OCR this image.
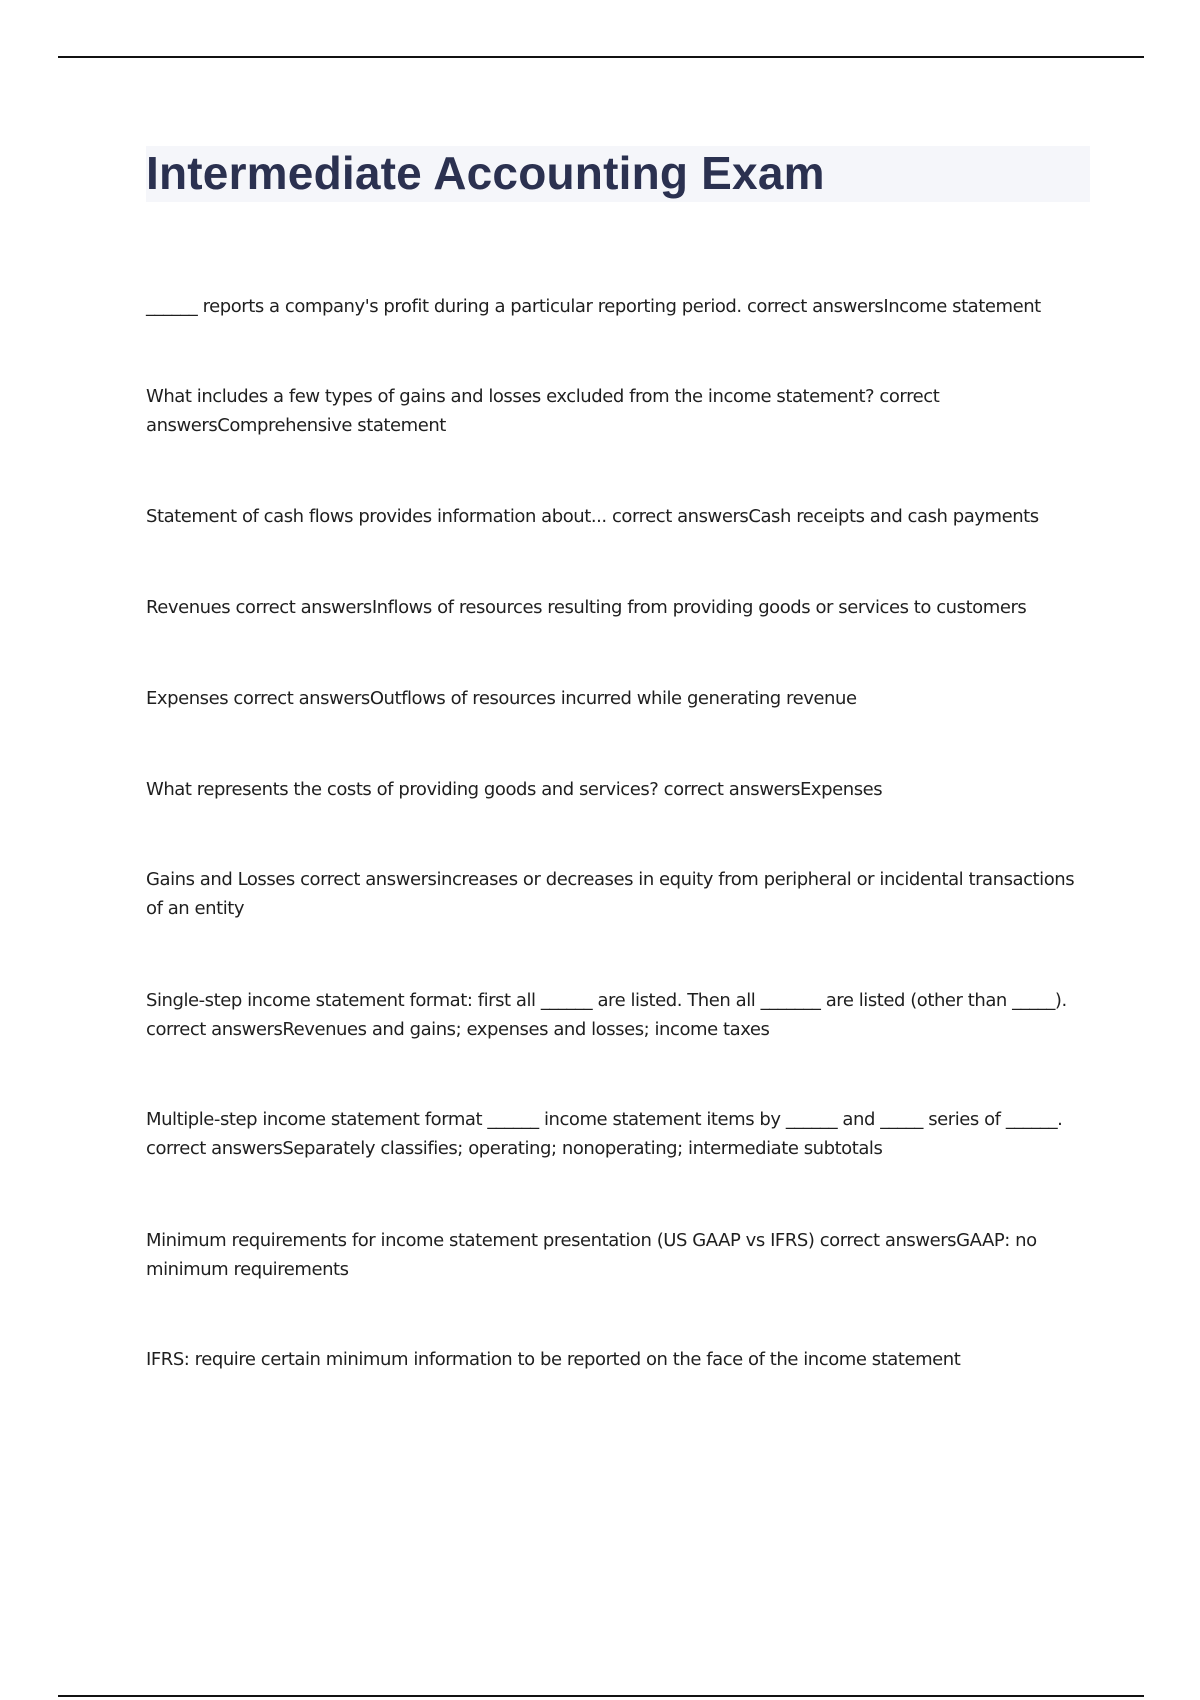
Intermediate Accounting Exam

______ reports a company's profit during a particular reporting period. correct answersIncome statement

What includes a few types of gains and losses excluded from the income statement? correct answersComprehensive statement

Statement of cash flows provides information about... correct answersCash receipts and cash payments

Revenues correct answersInflows of resources resulting from providing goods or services to customers

Expenses correct answersOutflows of resources incurred while generating revenue

What represents the costs of providing goods and services? correct answersExpenses

Gains and Losses correct answersincreases or decreases in equity from peripheral or incidental transactions of an entity

Single-step income statement format: first all ______ are listed. Then all _______ are listed (other than _____). correct answersRevenues and gains; expenses and losses; income taxes

Multiple-step income statement format ______ income statement items by ______ and _____ series of ______. correct answersSeparately classifies; operating; nonoperating; intermediate subtotals

Minimum requirements for income statement presentation (US GAAP vs IFRS) correct answersGAAP: no minimum requirements

IFRS: require certain minimum information to be reported on the face of the income statement
